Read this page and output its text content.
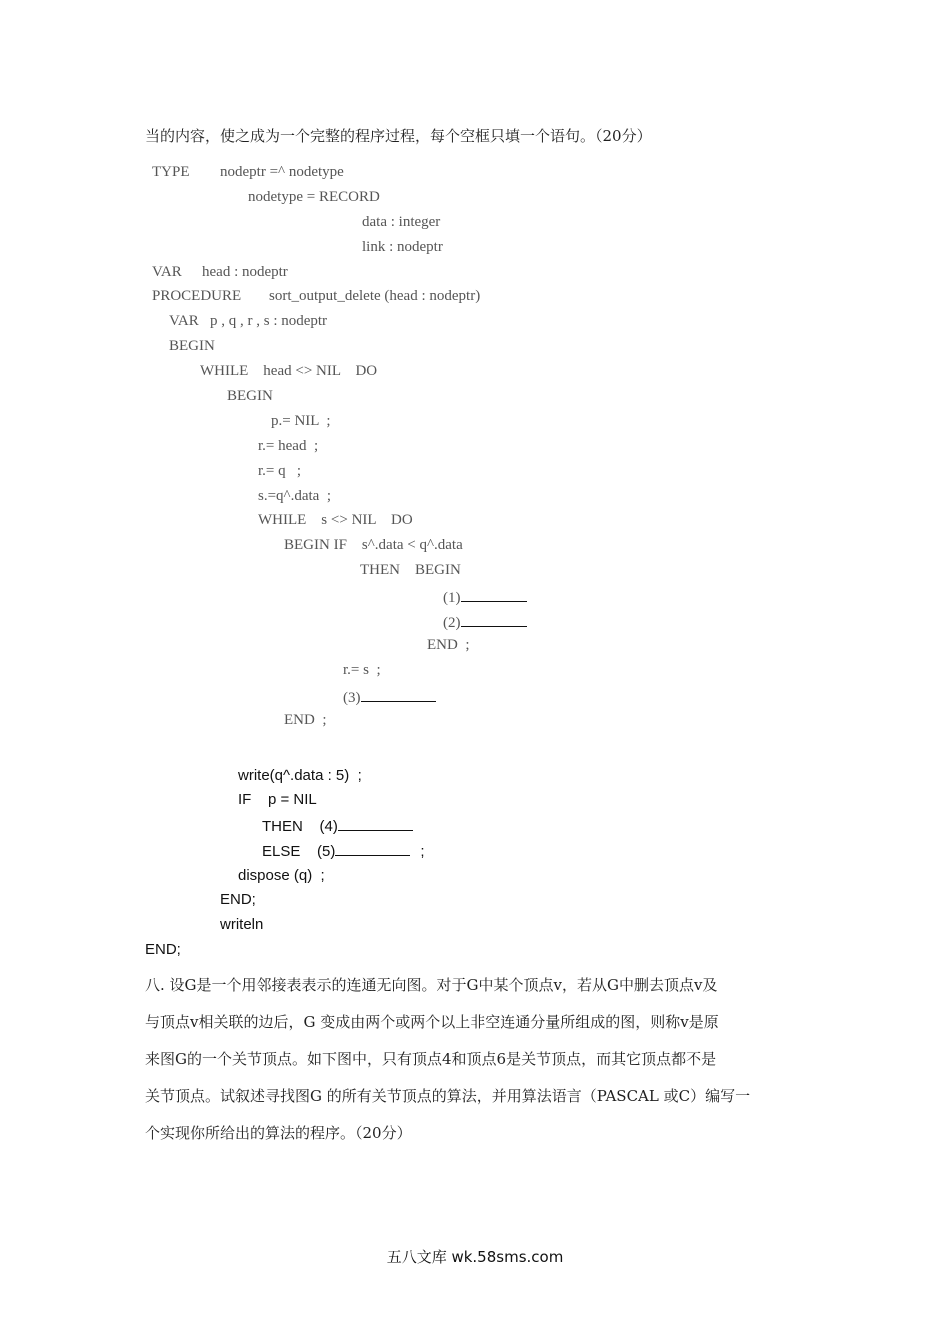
当的内容，使之成为一个完整的程序过程，每个空框只填一个语句。（20分）
TYPE nodeptr =^ nodetype
nodetype = RECORD
data : integer
link : nodeptr
VAR head : nodeptr
PROCEDURE sort_output_delete (head : nodeptr)
VAR   p , q , r , s : nodeptr
BEGIN
WHILE    head <> NIL    DO
BEGIN
p.= NIL  ;
r.= head  ;
r.= q   ;
s.=q^.data  ;
WHILE    s <> NIL    DO
BEGIN IF    s^.data < q^.data
THEN    BEGIN
(1)
(2)
END  ;
r.= s  ;
(3)
END  ;
write(q^.data : 5)  ;
IF    p = NIL
THEN    (4)
ELSE    (5)	;
dispose (q)  ;
END;
writeln
END;
八. 设G是一个用邻接表表示的连通无向图。对于G中某个顶点v，若从G中删去顶点v及
与顶点v相关联的边后，G 变成由两个或两个以上非空连通分量所组成的图，则称v是原
来图G的一个关节顶点。如下图中，只有顶点4和顶点6是关节顶点，而其它顶点都不是
关节顶点。试叙述寻找图G 的所有关节顶点的算法，并用算法语言（PASCAL 或C）编写一
个实现你所给出的算法的程序。（20分）
五八文库 wk.58sms.com
